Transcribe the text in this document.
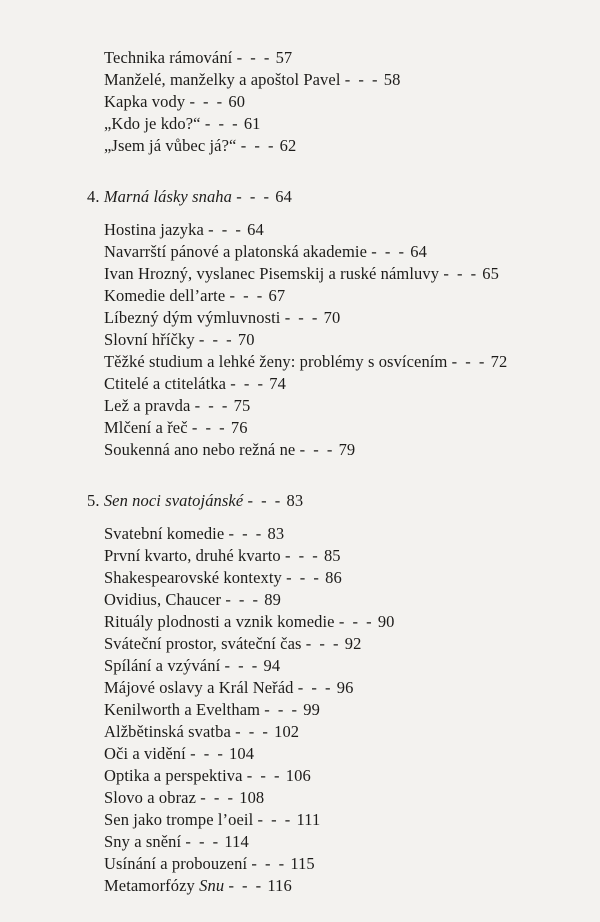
Technika rámování - - - 57
Manželé, manželky a apoštol Pavel - - - 58
Kapka vody - - - 60
„Kdo je kdo?“ - - - 61
„Jsem já vůbec já?“ - - - 62
4. Marná lásky snaha - - - 64
Hostina jazyka - - - 64
Navarrští pánové a platonská akademie - - - 64
Ivan Hrozný, vyslanec Pisemskij a ruské námluvy - - - 65
Komedie dell’arte - - - 67
Líbezný dým výmluvnosti - - - 70
Slovní hříčky - - - 70
Těžké studium a lehké ženy: problémy s osvícením - - - 72
Ctitelé a ctitelátka - - - 74
Lež a pravda - - - 75
Mlčení a řeč - - - 76
Soukenná ano nebo režná ne - - - 79
5. Sen noci svatojánské - - - 83
Svatební komedie - - - 83
První kvarto, druhé kvarto - - - 85
Shakespearovské kontexty - - - 86
Ovidius, Chaucer - - - 89
Rituály plodnosti a vznik komedie - - - 90
Sváteční prostor, sváteční čas - - - 92
Spílání a vzývání - - - 94
Májové oslavy a Král Neřád - - - 96
Kenilworth a Eveltham - - - 99
Alžbětinská svatba - - - 102
Oči a vidění - - - 104
Optika a perspektiva - - - 106
Slovo a obraz - - - 108
Sen jako trompe l’oeil - - - 111
Sny a snění - - - 114
Usínání a probouzení - - - 115
Metamorfózy Snu - - - 116
